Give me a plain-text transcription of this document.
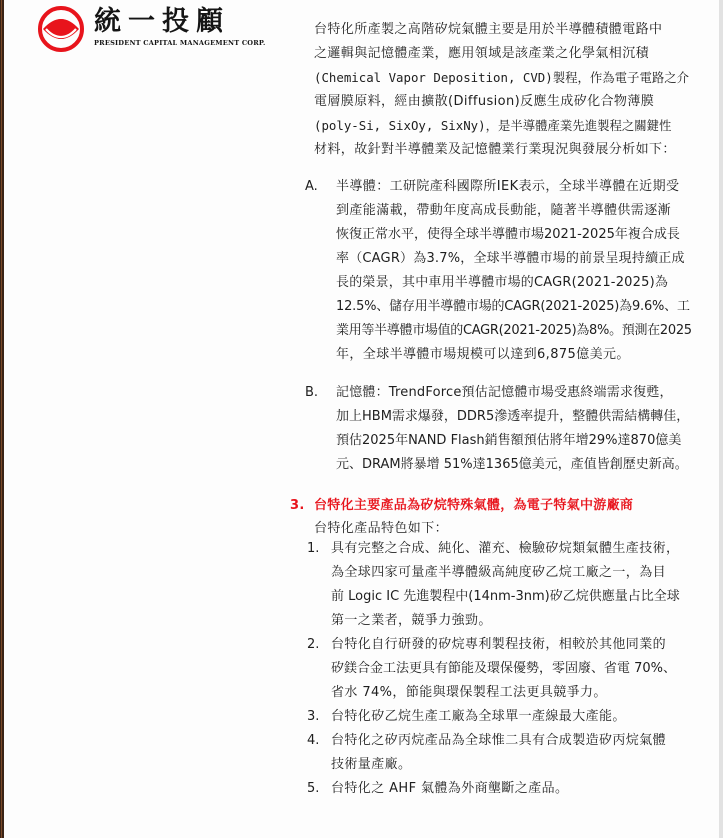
統一投顧
PRESIDENT CAPITAL MANAGEMENT CORP.
台特化所產製之高階矽烷氣體主要是用於半導體積體電路中
之邏輯與記憶體產業，應用領域是該產業之化學氣相沉積
(Chemical Vapor Deposition, CVD)製程，作為電子電路之介
電層膜原料，經由擴散(Diffusion)反應生成矽化合物薄膜
(poly-Si, SixOy, SixNy)，是半導體產業先進製程之關鍵性
材料，故針對半導體業及記憶體業行業現況與發展分析如下：
A. 半導體：工研院產科國際所IEK表示，全球半導體在近期受
到產能滿載，帶動年度高成長動能，隨著半導體供需逐漸
恢復正常水平，使得全球半導體市場2021-2025年複合成長
率（CAGR）為3.7%，全球半導體市場的前景呈現持續正成
長的榮景，其中車用半導體市場的CAGR(2021-2025)為
12.5%、儲存用半導體市場的CAGR(2021-2025)為9.6%、工
業用等半導體市場值的CAGR(2021-2025)為8%。預測在2025
年，全球半導體市場規模可以達到6,875億美元。
B. 記憶體：TrendForce預估記憶體市場受惠終端需求復甦，
加上HBM需求爆發，DDR5滲透率提升，整體供需結構轉佳，
預估2025年NAND Flash銷售額預估將年增29%達870億美
元、DRAM將暴增 51%達1365億美元，產值皆創歷史新高。
3. 台特化主要產品為矽烷特殊氣體，為電子特氣中游廠商
台特化產品特色如下：
1. 具有完整之合成、純化、灌充、檢驗矽烷類氣體生產技術，
為全球四家可量產半導體級高純度矽乙烷工廠之一，為目
前 Logic IC 先進製程中(14nm-3nm)矽乙烷供應量占比全球
第一之業者，競爭力強勁。
2. 台特化自行研發的矽烷專利製程技術，相較於其他同業的
矽鎂合金工法更具有節能及環保優勢，零固廢、省電 70%、
省水 74%，節能與環保製程工法更具競爭力。
3. 台特化矽乙烷生產工廠為全球單一產線最大產能。
4. 台特化之矽丙烷產品為全球惟二具有合成製造矽丙烷氣體
技術量產廠。
5. 台特化之 AHF 氣體為外商壟斷之產品。
